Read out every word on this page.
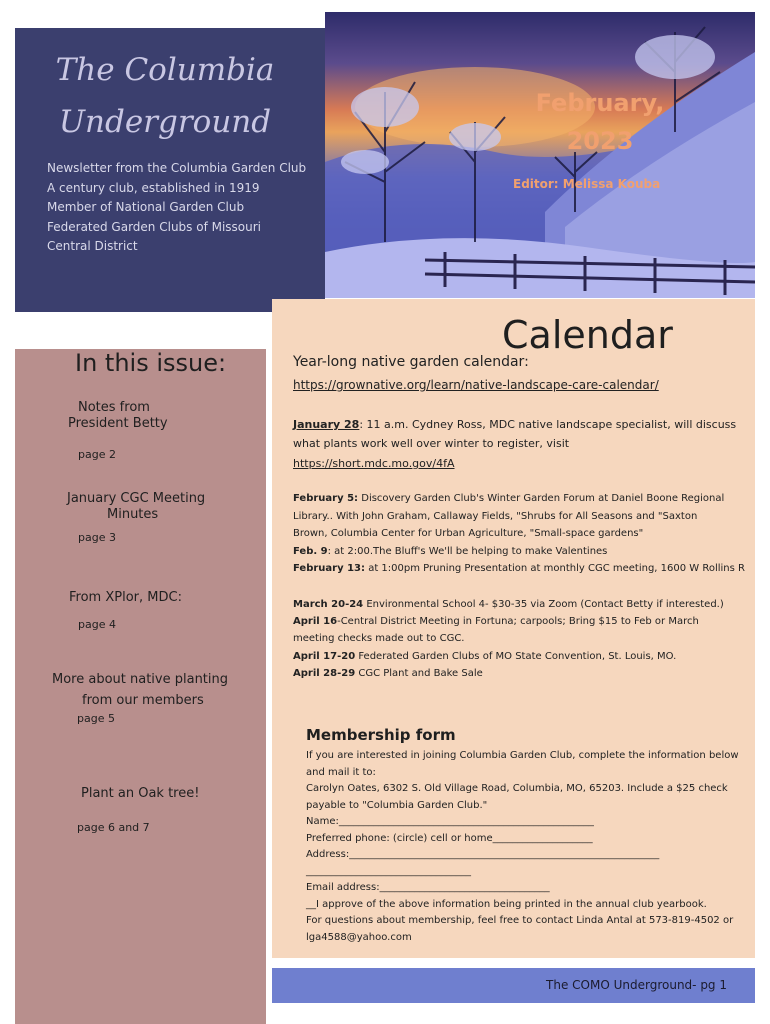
The Columbia
Underground
Newsletter from the Columbia Garden Club
A century club, established in 1919
Member of National Garden Club
Federated Garden Clubs of Missouri
Central District
February,
2023
Editor: Melissa Kouba
In this issue:
Notes from
President Betty
page 2
January CGC Meeting
Minutes
page 3
From XPlor, MDC:
page 4
More about native planting
from our members
page 5
Plant an Oak tree!
page 6 and 7
Calendar
Year-long native garden calendar:
https://grownative.org/learn/native-landscape-care-calendar/
January 28: 11 a.m. Cydney Ross, MDC native landscape specialist, will discuss
what plants work well over winter to register, visit
https://short.mdc.mo.gov/4fA
February 5: Discovery Garden Club's Winter Garden Forum at Daniel Boone Regional
Library.. With John Graham, Callaway Fields, "Shrubs for All Seasons and "Saxton
Brown, Columbia Center for Urban Agriculture, "Small-space gardens"
Feb. 9: at 2:00.The Bluff's We'll be helping to make Valentines
February 13: at 1:00pm Pruning Presentation at monthly CGC meeting, 1600 W Rollins R
March 20-24 Environmental School 4- $30-35 via Zoom (Contact Betty if interested.)
April 16-Central District Meeting in Fortuna; carpools; Bring $15 to Feb or March
meeting checks made out to CGC.
April 17-20 Federated Garden Clubs of MO State Convention, St. Louis, MO.
April 28-29 CGC Plant and Bake Sale
Membership form
If you are interested in joining Columbia Garden Club, complete the information below
and mail it to:
Carolyn Oates, 6302 S. Old Village Road, Columbia, MO, 65203. Include a $25 check
payable to "Columbia Garden Club."
Name:___________________________________________________
Preferred phone: (circle) cell or home____________________
Address:______________________________________________________________
_________________________________
Email address:__________________________________
__I approve of the above information being printed in the annual club yearbook.
For questions about membership, feel free to contact Linda Antal at 573-819-4502 or
lga4588@yahoo.com
The COMO Underground- pg 1
